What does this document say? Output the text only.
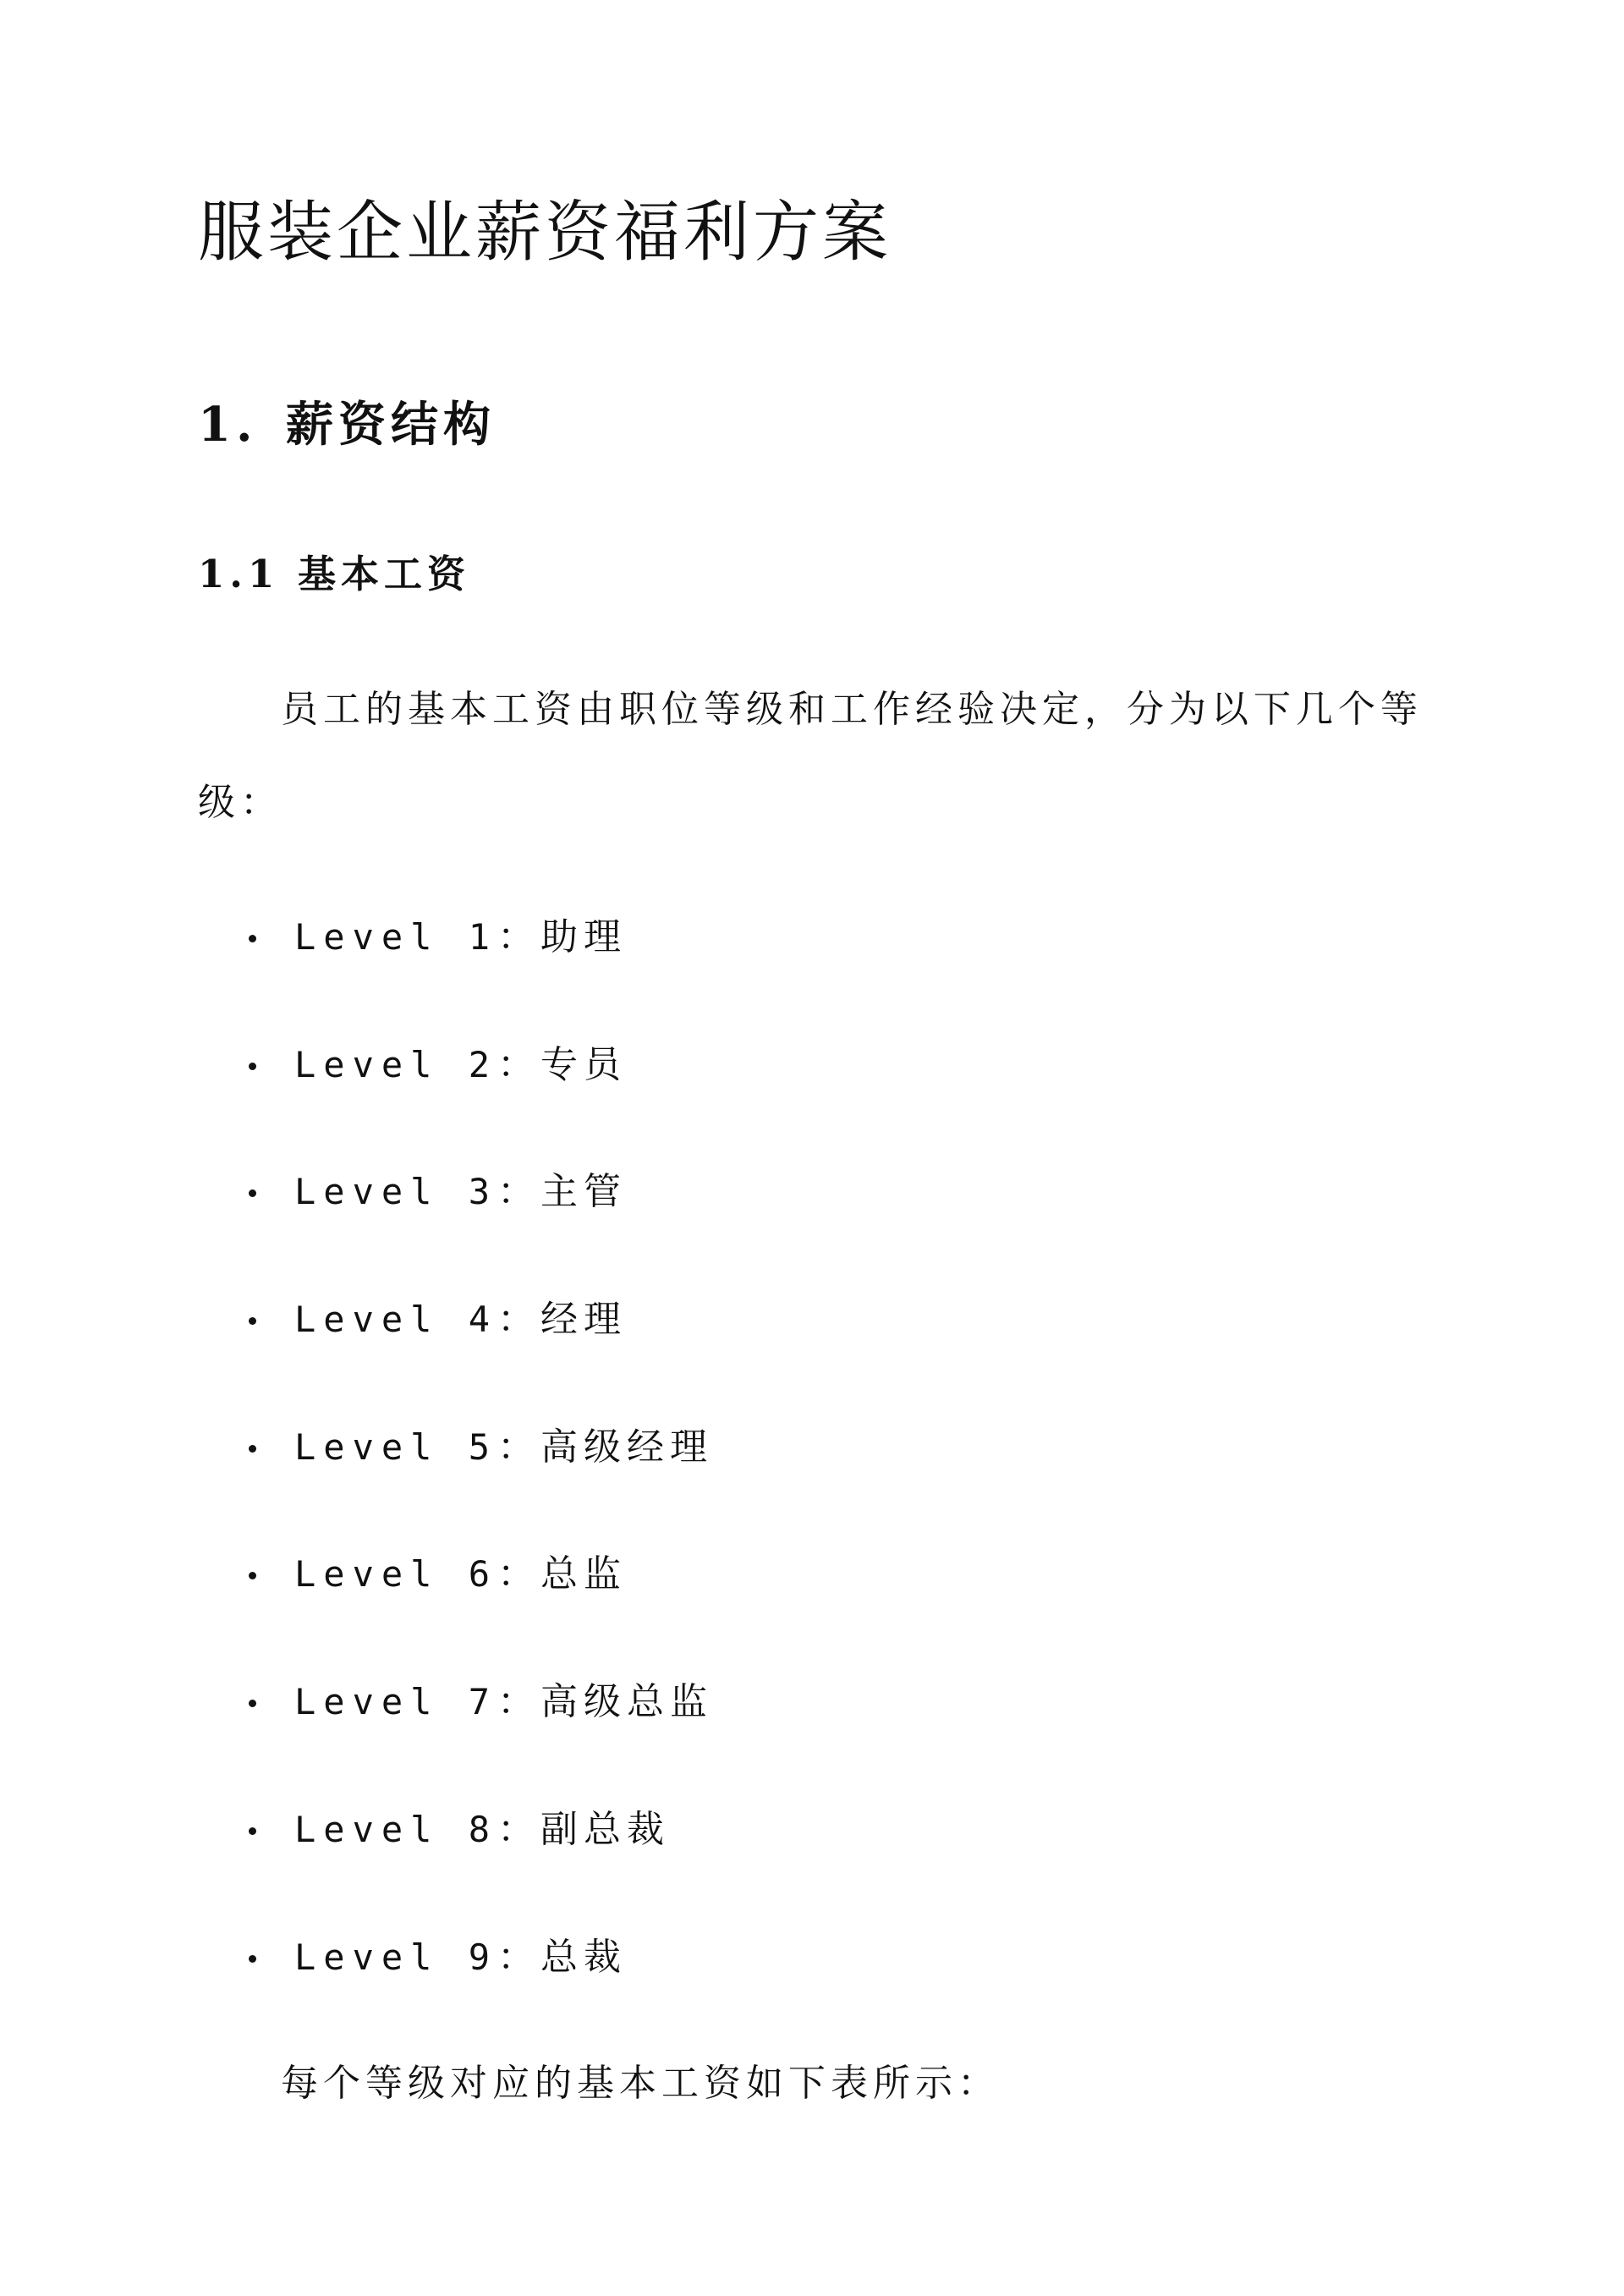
服装企业薪资福利方案
1. 薪资结构
1.1 基本工资

员工的基本工资由职位等级和工作经验决定，分为以下几个等级：

Level 1：助理
Level 2：专员
Level 3：主管
Level 4：经理
Level 5：高级经理
Level 6：总监
Level 7：高级总监
Level 8：副总裁
Level 9：总裁

每个等级对应的基本工资如下表所示：
